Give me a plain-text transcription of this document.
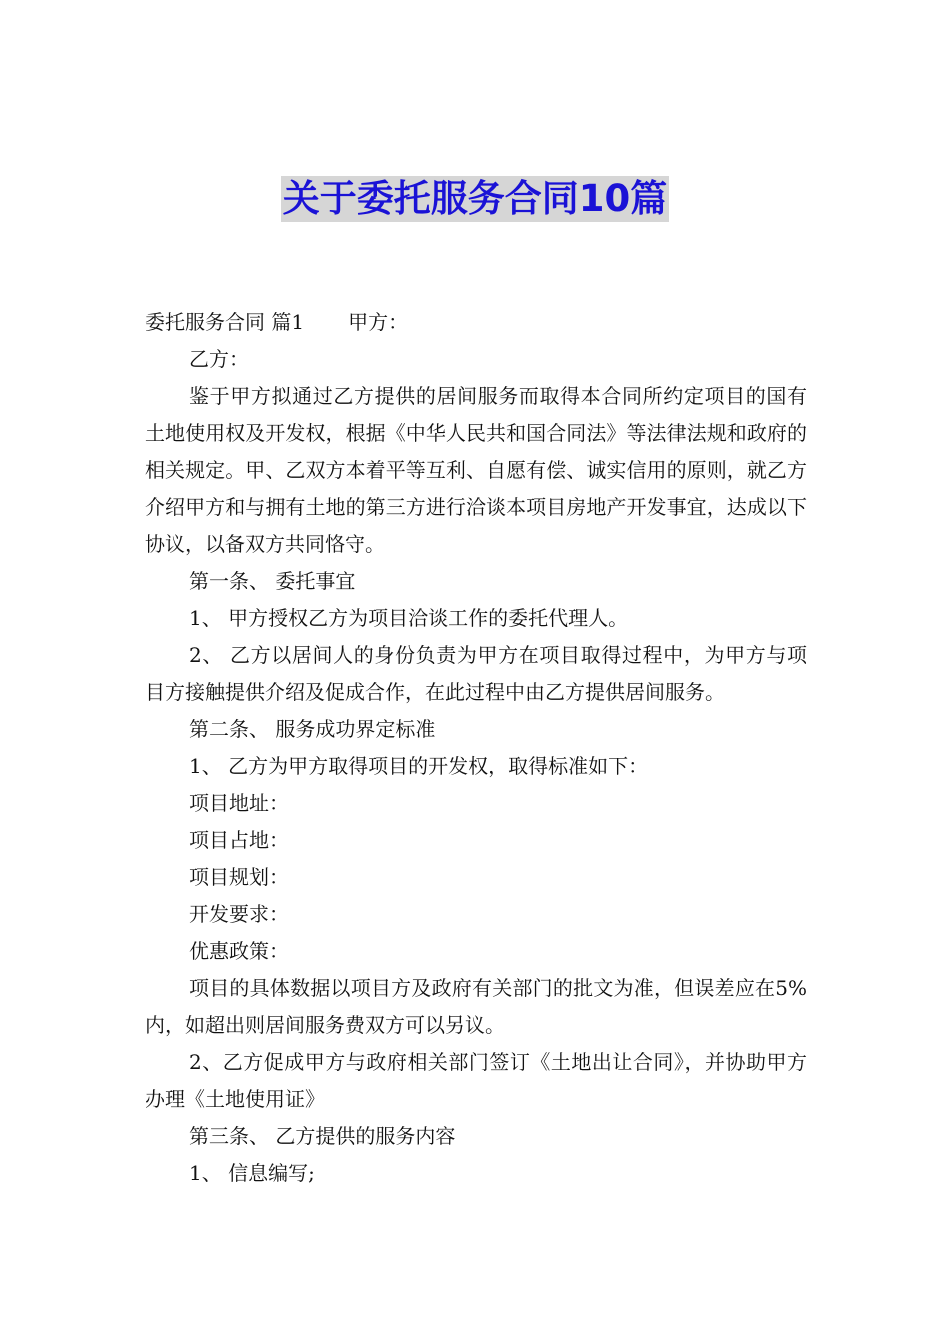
关于委托服务合同10篇

委托服务合同 篇1 甲方：

乙方：

鉴于甲方拟通过乙方提供的居间服务而取得本合同所约定项目的国有土地使用权及开发权，根据《中华人民共和国合同法》等法律法规和政府的相关规定。甲、乙双方本着平等互利、自愿有偿、诚实信用的原则，就乙方介绍甲方和与拥有土地的第三方进行洽谈本项目房地产开发事宜，达成以下协议，以备双方共同恪守。

第一条、 委托事宜

1、 甲方授权乙方为项目洽谈工作的委托代理人。

2、 乙方以居间人的身份负责为甲方在项目取得过程中，为甲方与项目方接触提供介绍及促成合作，在此过程中由乙方提供居间服务。

第二条、 服务成功界定标准

1、 乙方为甲方取得项目的开发权，取得标准如下：

项目地址：

项目占地：

项目规划：

开发要求：

优惠政策：

项目的具体数据以项目方及政府有关部门的批文为准，但误差应在5%内，如超出则居间服务费双方可以另议。

2、乙方促成甲方与政府相关部门签订《土地出让合同》，并协助甲方办理《土地使用证》

第三条、 乙方提供的服务内容

1、 信息编写;
